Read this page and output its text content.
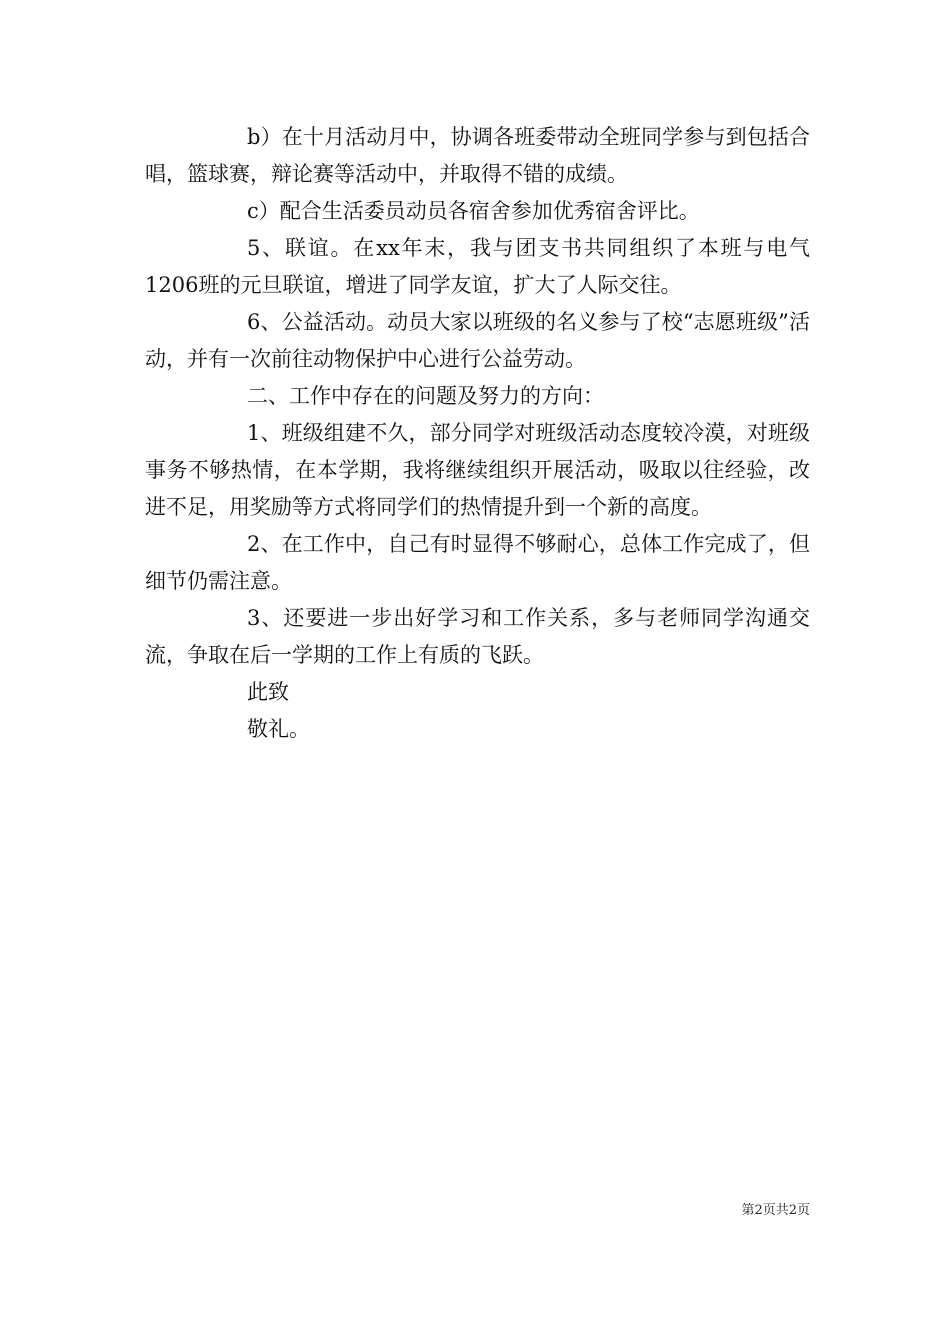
b）在十月活动月中，协调各班委带动全班同学参与到包括合唱，篮球赛，辩论赛等活动中，并取得不错的成绩。

c）配合生活委员动员各宿舍参加优秀宿舍评比。

5、联谊。在xx年末，我与团支书共同组织了本班与电气1206班的元旦联谊，增进了同学友谊，扩大了人际交往。

6、公益活动。动员大家以班级的名义参与了校“志愿班级”活动，并有一次前往动物保护中心进行公益劳动。

二、工作中存在的问题及努力的方向：

1、班级组建不久，部分同学对班级活动态度较冷漠，对班级事务不够热情，在本学期，我将继续组织开展活动，吸取以往经验，改进不足，用奖励等方式将同学们的热情提升到一个新的高度。

2、在工作中，自己有时显得不够耐心，总体工作完成了，但细节仍需注意。

3、还要进一步出好学习和工作关系，多与老师同学沟通交流，争取在后一学期的工作上有质的飞跃。

此致

敬礼。

第2页共2页
